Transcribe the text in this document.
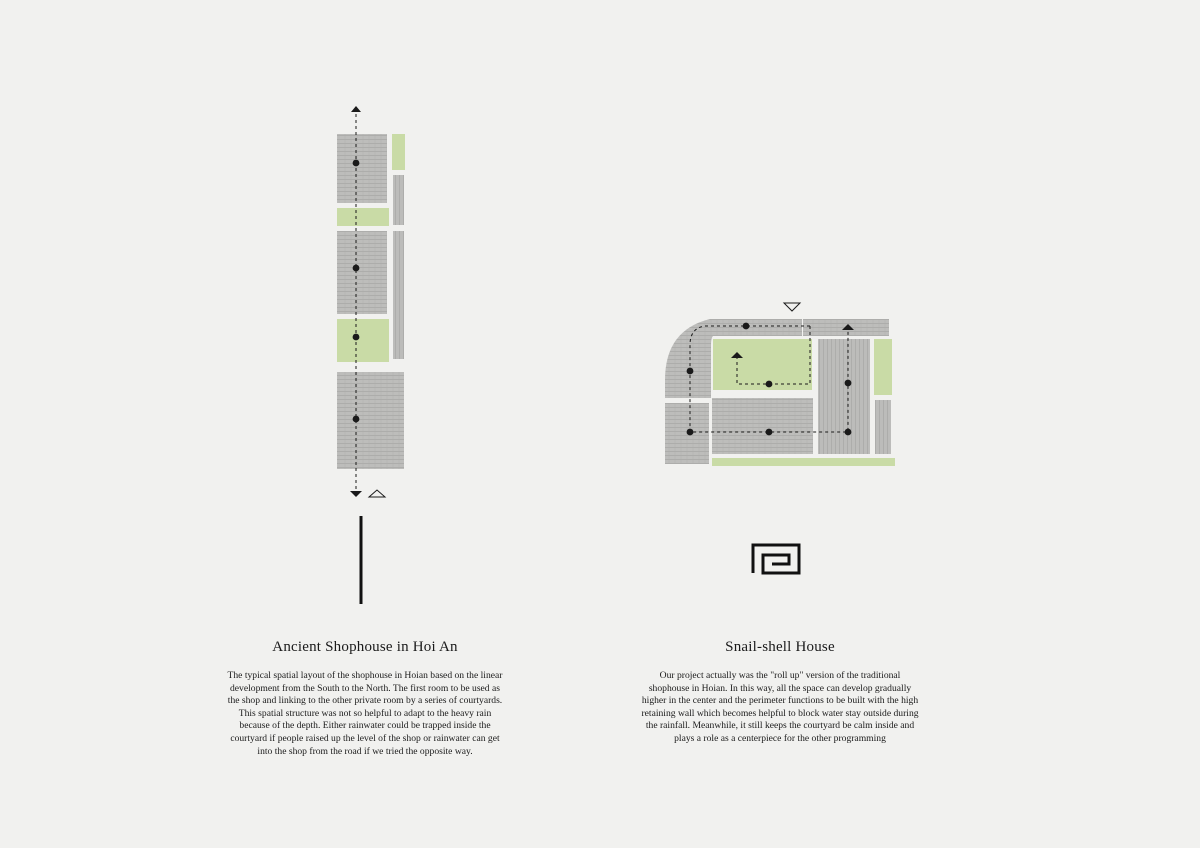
Ancient Shophouse in Hoi An

The typical spatial layout of the shophouse in Hoian based on the linear development from the South to the North. The first room to be used as the shop and linking to the other private room by a series of courtyards. This spatial structure was not so helpful to adapt to the heavy rain because of the depth. Either rainwater could be trapped inside the courtyard if people raised up the level of the shop or rainwater can get into the shop from the road if we tried the opposite way.

Snail-shell House

Our project actually was the "roll up" version of the traditional shophouse in Hoian. In this way, all the space can develop gradually higher in the center and the perimeter functions to be built with the high retaining wall which becomes helpful to block water stay outside during the rainfall. Meanwhile, it still keeps the courtyard be calm inside and plays a role as a centerpiece for the other programming
